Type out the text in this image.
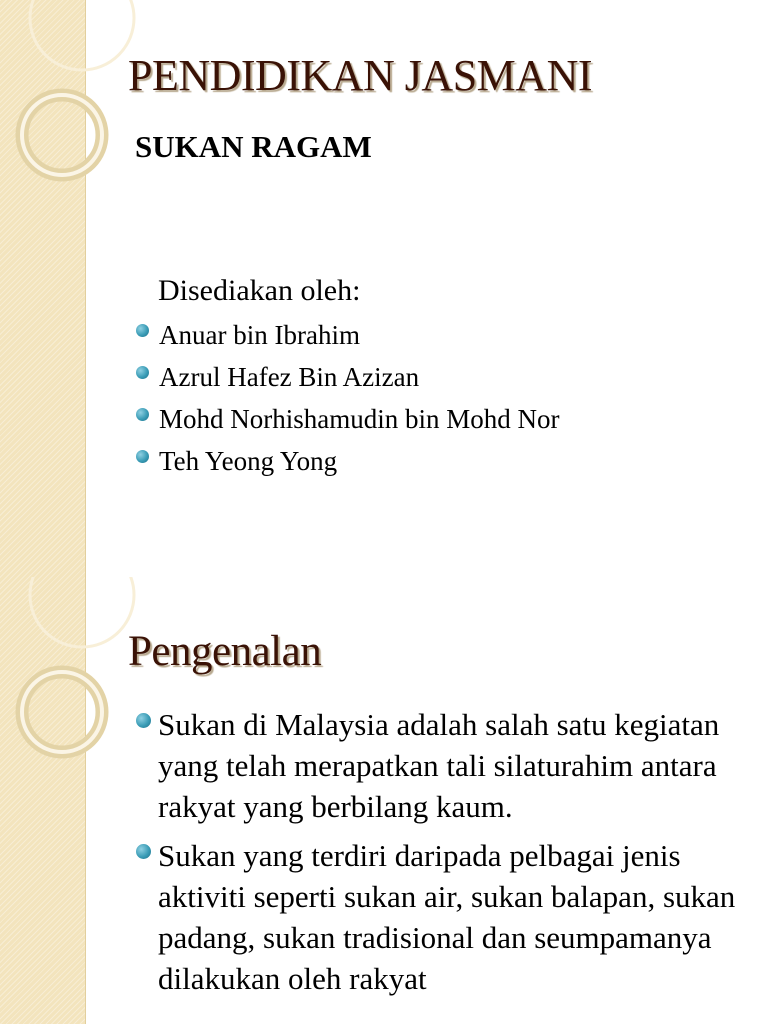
PENDIDIKAN JASMANI
SUKAN RAGAM

Disediakan oleh:

Anuar bin Ibrahim
Azrul Hafez Bin Azizan
Mohd Norhishamudin bin Mohd Nor
Teh Yeong Yong
Pengenalan
Sukan di Malaysia adalah salah satu kegiatan yang telah merapatkan tali silaturahim antara rakyat yang berbilang kaum.
Sukan yang terdiri daripada pelbagai jenis aktiviti seperti sukan air, sukan balapan, sukan padang, sukan tradisional dan seumpamanya dilakukan oleh rakyat
